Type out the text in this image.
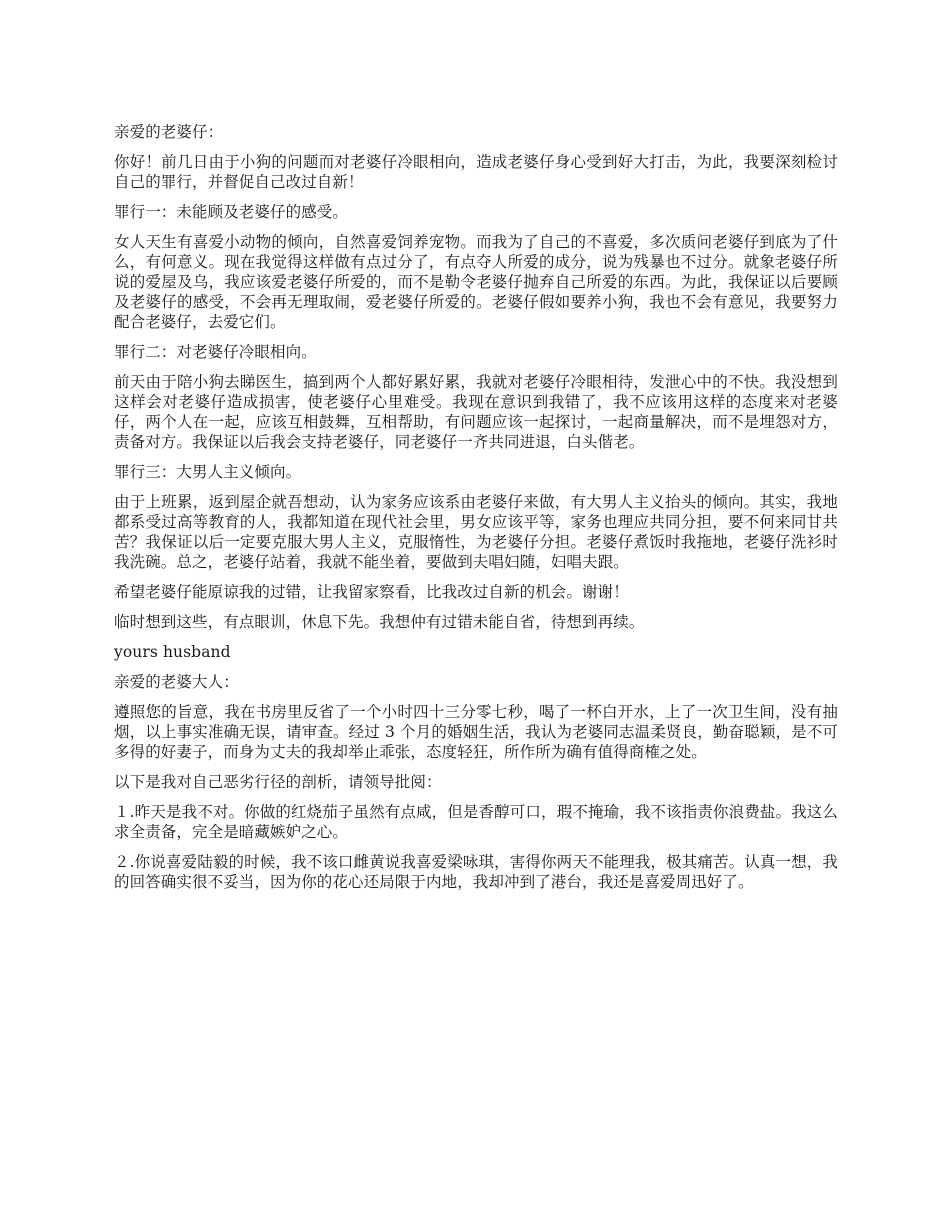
亲爱的老婆仔：

你好！前几日由于小狗的问题而对老婆仔冷眼相向，造成老婆仔身心受到好大打击，为此，我要深刻检讨自己的罪行，并督促自己改过自新！

罪行一：未能顾及老婆仔的感受。

女人天生有喜爱小动物的倾向，自然喜爱饲养宠物。而我为了自己的不喜爱，多次质问老婆仔到底为了什么，有何意义。现在我觉得这样做有点过分了，有点夺人所爱的成分，说为残暴也不过分。就象老婆仔所说的爱屋及乌，我应该爱老婆仔所爱的，而不是勒令老婆仔抛弃自己所爱的东西。为此，我保证以后要顾及老婆仔的感受，不会再无理取闹，爱老婆仔所爱的。老婆仔假如要养小狗，我也不会有意见，我要努力配合老婆仔，去爱它们。

罪行二：对老婆仔冷眼相向。

前天由于陪小狗去睇医生，搞到两个人都好累好累，我就对老婆仔冷眼相待，发泄心中的不快。我没想到这样会对老婆仔造成损害，使老婆仔心里难受。我现在意识到我错了，我不应该用这样的态度来对老婆仔，两个人在一起，应该互相鼓舞，互相帮助，有问题应该一起探讨，一起商量解决，而不是埋怨对方，责备对方。我保证以后我会支持老婆仔，同老婆仔一齐共同进退，白头偕老。

罪行三：大男人主义倾向。

由于上班累，返到屋企就吾想动，认为家务应该系由老婆仔来做，有大男人主义抬头的倾向。其实，我地都系受过高等教育的人，我都知道在现代社会里，男女应该平等，家务也理应共同分担，要不何来同甘共苦？我保证以后一定要克服大男人主义，克服惰性，为老婆仔分担。老婆仔煮饭时我拖地，老婆仔洗衫时我洗碗。总之，老婆仔站着，我就不能坐着，要做到夫唱妇随，妇唱夫跟。

希望老婆仔能原谅我的过错，让我留家察看，比我改过自新的机会。谢谢！

临时想到这些，有点眼训，休息下先。我想仲有过错未能自省，待想到再续。

yours husband

亲爱的老婆大人：

遵照您的旨意，我在书房里反省了一个小时四十三分零七秒，喝了一杯白开水，上了一次卫生间，没有抽烟，以上事实准确无误，请审查。经过 3 个月的婚姻生活，我认为老婆同志温柔贤良，勤奋聪颖，是不可多得的好妻子，而身为丈夫的我却举止乖张，态度轻狂，所作所为确有值得商榷之处。

以下是我对自己恶劣行径的剖析，请领导批阅：

１.昨天是我不对。你做的红烧茄子虽然有点咸，但是香醇可口，瑕不掩瑜，我不该指责你浪费盐。我这么求全责备，完全是暗藏嫉妒之心。

２.你说喜爱陆毅的时候，我不该口雌黄说我喜爱梁咏琪，害得你两天不能理我，极其痛苦。认真一想，我的回答确实很不妥当，因为你的花心还局限于内地，我却冲到了港台，我还是喜爱周迅好了。
